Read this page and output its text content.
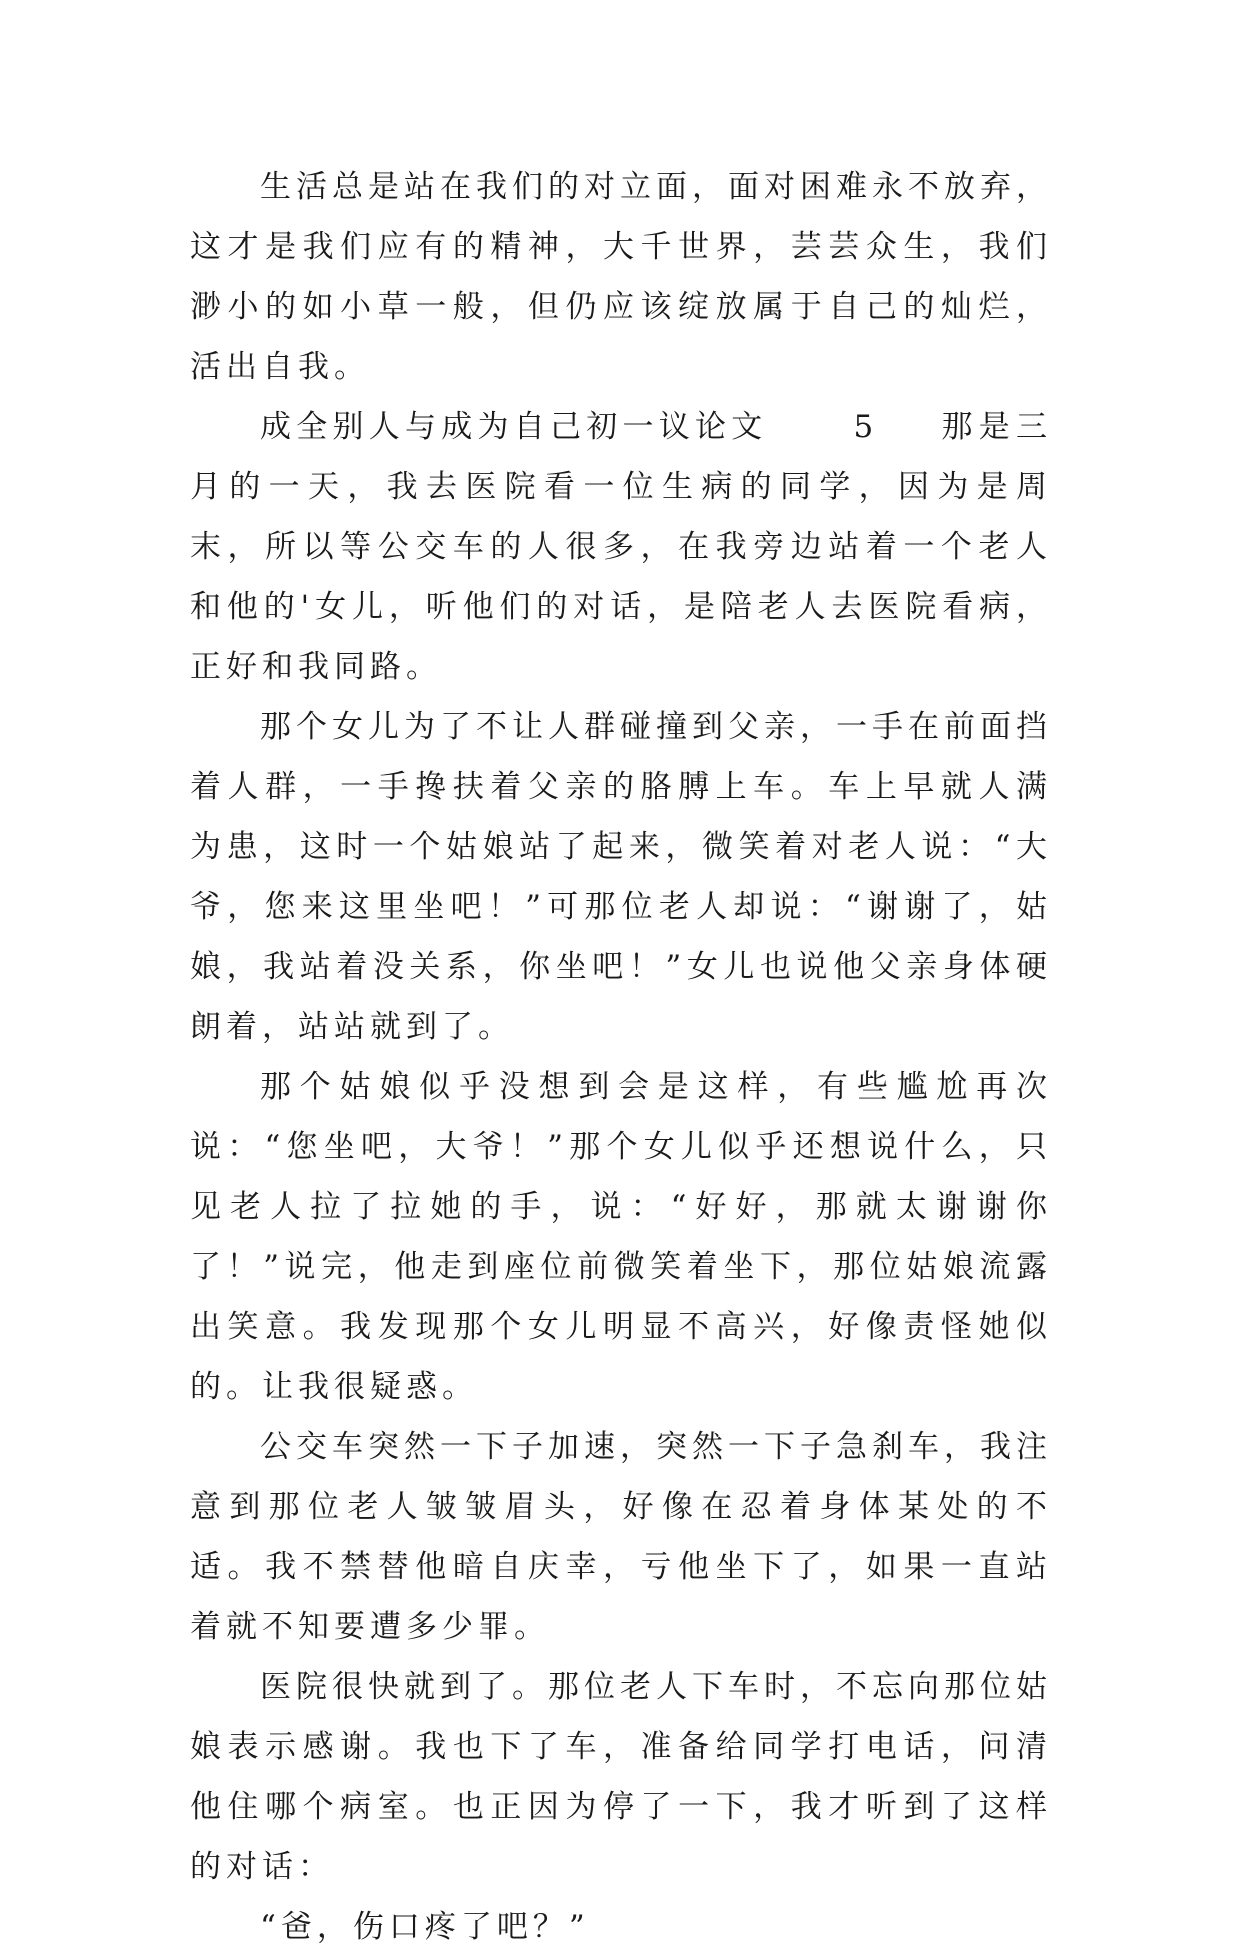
生活总是站在我们的对立面，面对困难永不放弃，这才是我们应有的精神，大千世界，芸芸众生，我们渺小的如小草一般，但仍应该绽放属于自己的灿烂，活出自我。

成全别人与成为自己初一议论文	5 那是三月的一天，我去医院看一位生病的同学，因为是周末，所以等公交车的人很多，在我旁边站着一个老人和他的'女儿，听他们的对话，是陪老人去医院看病，正好和我同路。

那个女儿为了不让人群碰撞到父亲，一手在前面挡着人群，一手搀扶着父亲的胳膊上车。车上早就人满为患，这时一个姑娘站了起来，微笑着对老人说：“大爷，您来这里坐吧！”可那位老人却说：“谢谢了，姑娘，我站着没关系，你坐吧！”女儿也说他父亲身体硬朗着，站站就到了。

那个姑娘似乎没想到会是这样，有些尴尬再次说：“您坐吧，大爷！”那个女儿似乎还想说什么，只见老人拉了拉她的手，说：“好好，那就太谢谢你了！”说完，他走到座位前微笑着坐下，那位姑娘流露出笑意。我发现那个女儿明显不高兴，好像责怪她似的。让我很疑惑。

公交车突然一下子加速，突然一下子急刹车，我注意到那位老人皱皱眉头，好像在忍着身体某处的不适。我不禁替他暗自庆幸，亏他坐下了，如果一直站着就不知要遭多少罪。

医院很快就到了。那位老人下车时，不忘向那位姑娘表示感谢。我也下了车，准备给同学打电话，问清他住哪个病室。也正因为停了一下，我才听到了这样的对话：

“爸，伤口疼了吧？”
